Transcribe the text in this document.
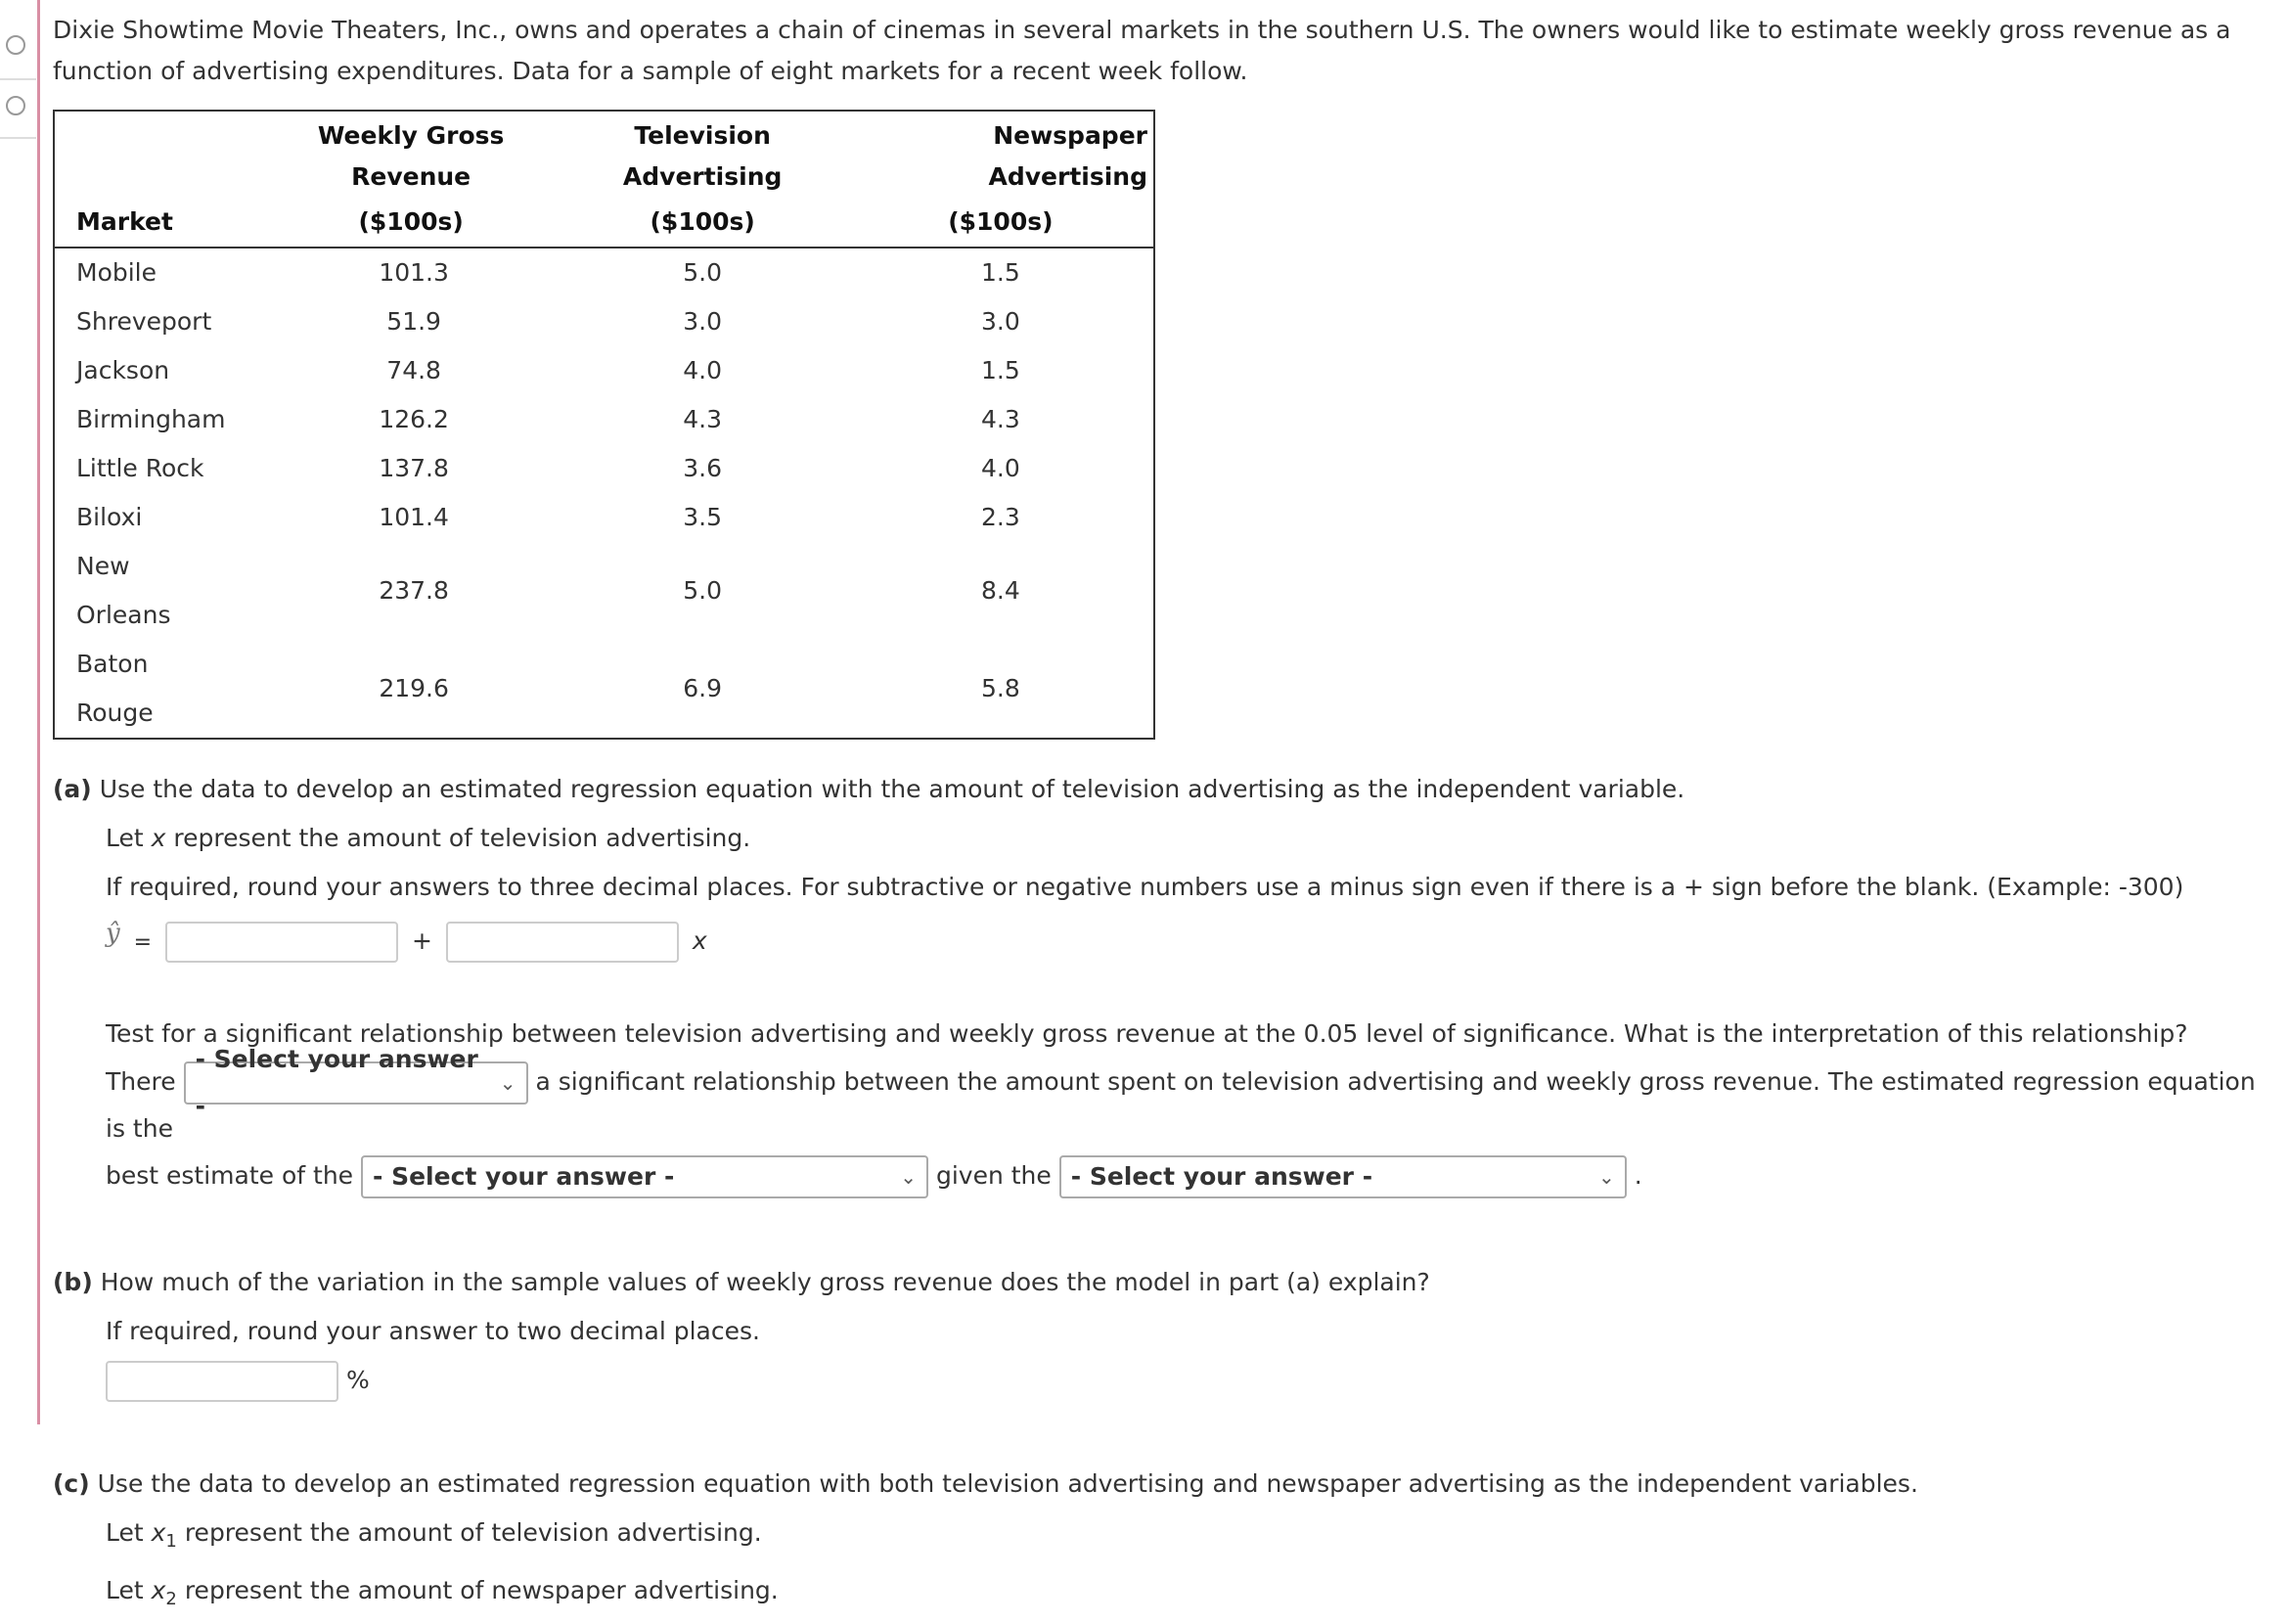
Dixie Showtime Movie Theaters, Inc., owns and operates a chain of cinemas in several markets in the southern U.S. The owners would like to estimate weekly gross revenue as a function of advertising expenditures. Data for a sample of eight markets for a recent week follow.

	Weekly Gross Revenue	Television Advertising	Newspaper Advertising
Market	($100s)	($100s)	($100s)
Mobile	101.3	5.0	1.5
Shreveport	51.9	3.0	3.0
Jackson	74.8	4.0	1.5
Birmingham	126.2	4.3	4.3
Little Rock	137.8	3.6	4.0
Biloxi	101.4	3.5	2.3
New Orleans	237.8	5.0	8.4
Baton Rouge	219.6	6.9	5.8
(a) Use the data to develop an estimated regression equation with the amount of television advertising as the independent variable.
Let x represent the amount of television advertising.
If required, round your answers to three decimal places. For subtractive or negative numbers use a minus sign even if there is a + sign before the blank. (Example: -300)
ŷ =	+	x
Test for a significant relationship between television advertising and weekly gross revenue at the 0.05 level of significance. What is the interpretation of this relationship?
There
- Select your answer -
⌄ a significant relationship between the amount spent on television advertising and weekly gross revenue. The estimated regression equation is the
best estimate of the - Select your answer -	⌄ given the - Select your answer -	⌄ .
(b) How much of the variation in the sample values of weekly gross revenue does the model in part (a) explain?
If required, round your answer to two decimal places.
%
(c) Use the data to develop an estimated regression equation with both television advertising and newspaper advertising as the independent variables.
Let $x_1$ represent the amount of television advertising.
Let $x_2$ represent the amount of newspaper advertising.
